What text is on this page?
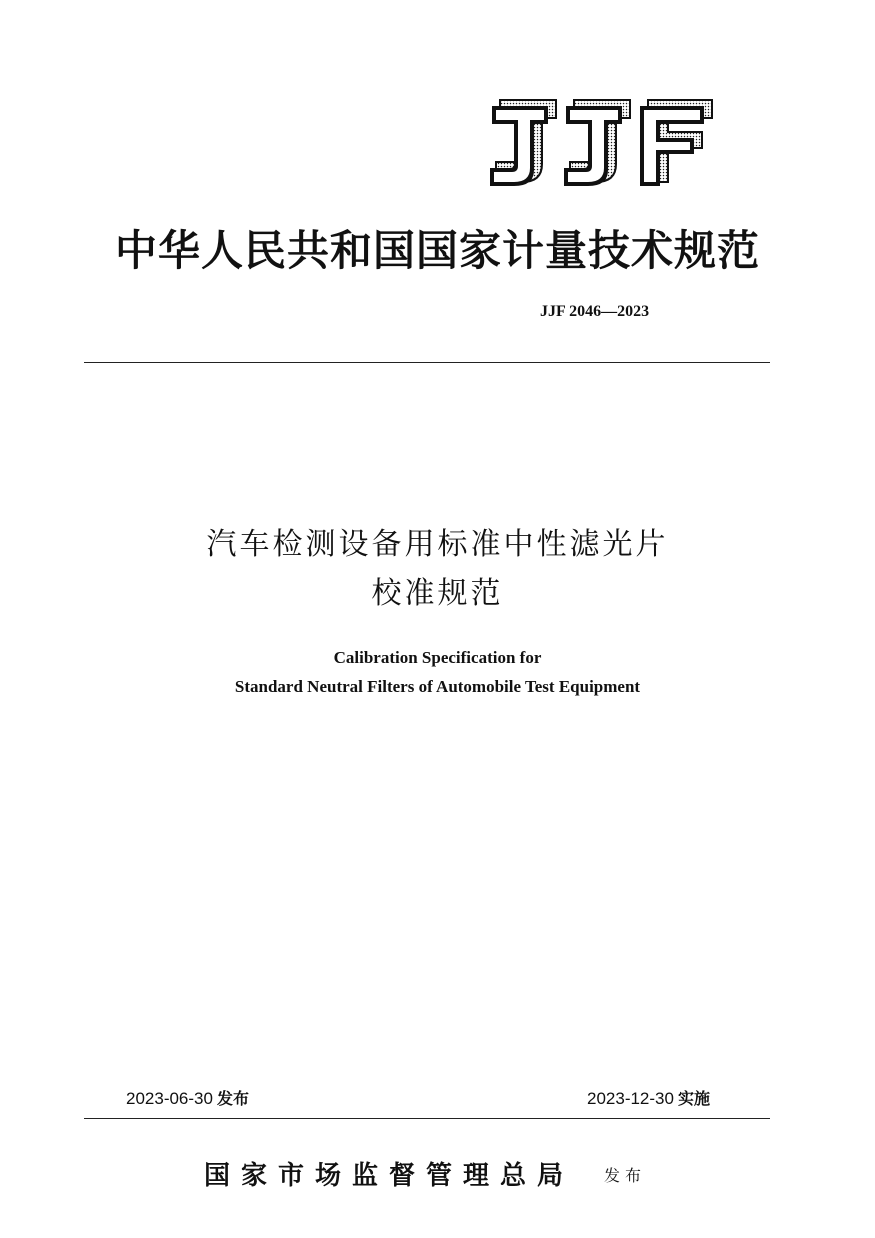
中华人民共和国国家计量技术规范
JJF 2046—2023
汽车检测设备用标准中性滤光片
校准规范
Calibration Specification for
Standard Neutral Filters of Automobile Test Equipment
2023-06-30 发布	2023-12-30 实施
国家市场监督管理总局 发布
